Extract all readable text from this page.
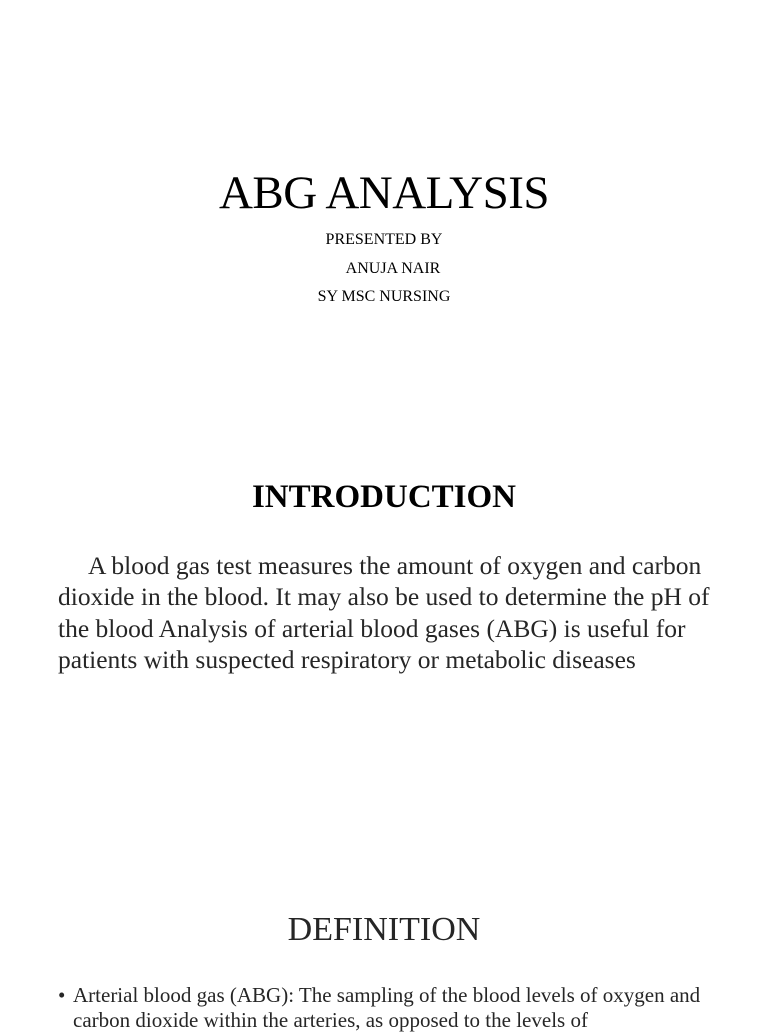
ABG ANALYSIS
PRESENTED BY
ANUJA NAIR
SY MSC NURSING
INTRODUCTION

A blood gas test measures the amount of oxygen and carbon dioxide in the blood. It may also be used to determine the pH of the blood Analysis of arterial blood gases (ABG) is useful for patients with suspected respiratory or metabolic diseases

DEFINITION
• Arterial blood gas (ABG): The sampling of the blood levels of oxygen and carbon dioxide within the arteries, as opposed to the levels of
